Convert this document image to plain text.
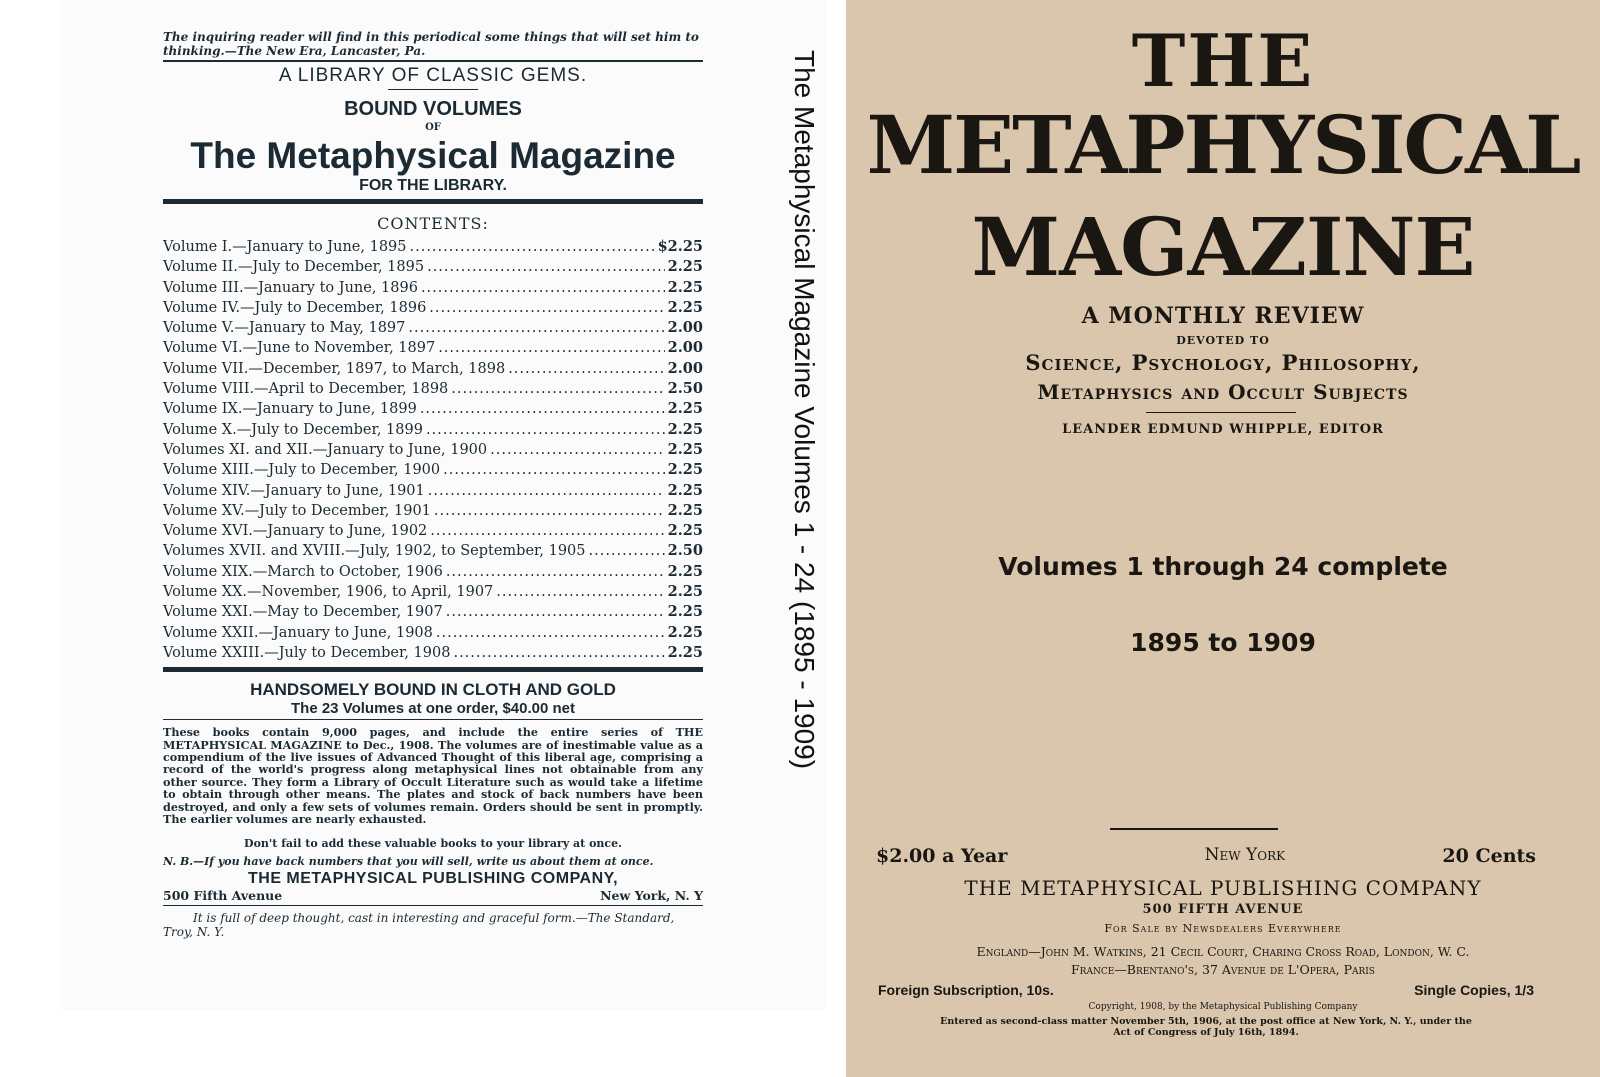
The inquiring reader will find in this periodical some things that will set him to thinking.—The New Era, Lancaster, Pa.
A LIBRARY OF CLASSIC GEMS.
BOUND VOLUMES
OF
The Metaphysical Magazine
FOR THE LIBRARY.
CONTENTS:
Volume I.—January to June, 1895 .....	$2.25
Volume II.—July to December, 1895 .....	2.25
Volume III.—January to June, 1896 .....	2.25
Volume IV.—July to December, 1896 .....	2.25
Volume V.—January to May, 1897 .....	2.00
Volume VI.—June to November, 1897 .....	2.00
Volume VII.—December, 1897, to March, 1898 .....	2.00
Volume VIII.—April to December, 1898 .....	2.50
Volume IX.—January to June, 1899 .....	2.25
Volume X.—July to December, 1899 .....	2.25
Volumes XI. and XII.—January to June, 1900 .....	2.25
Volume XIII.—July to December, 1900 .....	2.25
Volume XIV.—January to June, 1901 .....	2.25
Volume XV.—July to December, 1901 .....	2.25
Volume XVI.—January to June, 1902 .....	2.25
Volumes XVII. and XVIII.—July, 1902, to September, 1905 .....	2.50
Volume XIX.—March to October, 1906 .....	2.25
Volume XX.—November, 1906, to April, 1907 .....	2.25
Volume XXI.—May to December, 1907 .....	2.25
Volume XXII.—January to June, 1908 .....	2.25
Volume XXIII.—July to December, 1908 .....	2.25
HANDSOMELY BOUND IN CLOTH AND GOLD
The 23 Volumes at one order, $40.00 net
These books contain 9,000 pages, and include the entire series of THE METAPHYSICAL MAGAZINE to Dec., 1908. The volumes are of inestimable value as a compendium of the live issues of Advanced Thought of this liberal age, comprising a record of the world's progress along metaphysical lines not obtainable from any other source. They form a Library of Occult Literature such as would take a lifetime to obtain through other means. The plates and stock of back numbers have been destroyed, and only a few sets of volumes remain. Orders should be sent in promptly. The earlier volumes are nearly exhausted.
Don't fail to add these valuable books to your library at once.
N. B.—If you have back numbers that you will sell, write us about them at once.
THE METAPHYSICAL PUBLISHING COMPANY,
500 Fifth Avenue	New York, N. Y
It is full of deep thought, cast in interesting and graceful form.—The Standard, Troy, N. Y.
The Metaphysical Magazine Volumes 1 - 24 (1895 - 1909)	THE
METAPHYSICAL
MAGAZINE
A MONTHLY REVIEW
DEVOTED TO
Science, Psychology, Philosophy,
Metaphysics and Occult Subjects
LEANDER EDMUND WHIPPLE, EDITOR
Volumes 1 through 24 complete
1895 to 1909
$2.00 a Year	New York	20 Cents
THE METAPHYSICAL PUBLISHING COMPANY
500 FIFTH AVENUE
For Sale by Newsdealers Everywhere
England—John M. Watkins, 21 Cecil Court, Charing Cross Road, London, W. C.
France—Brentano's, 37 Avenue de L'Opera, Paris
Foreign Subscription, 10s.	Single Copies, 1/3
Copyright, 1908, by the Metaphysical Publishing Company
Entered as second-class matter November 5th, 1906, at the post office at New York, N. Y., under the Act of Congress of July 16th, 1894.
